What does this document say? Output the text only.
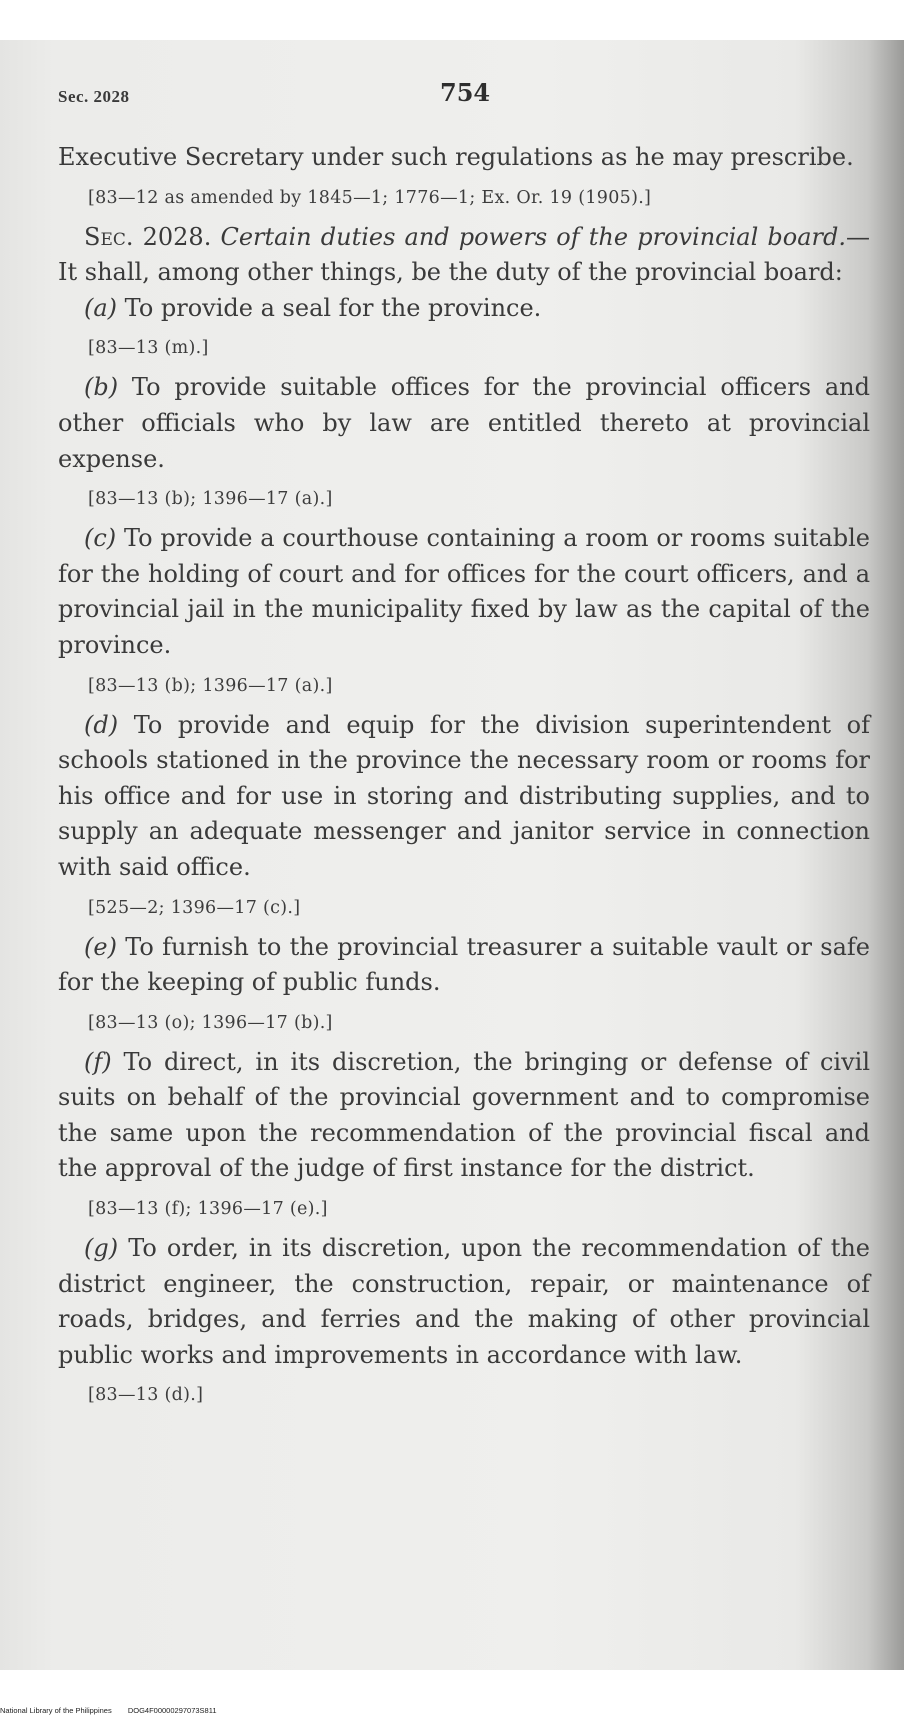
Sec. 2028	754

Executive Secretary under such regulations as he may prescribe.

[83—12 as amended by 1845—1; 1776—1; Ex. Or. 19 (1905).]

Sec. 2028. Certain duties and powers of the provincial board.—It shall, among other things, be the duty of the provincial board:

(a) To provide a seal for the province.

[83—13 (m).]

(b) To provide suitable offices for the provincial officers and other officials who by law are entitled thereto at provincial expense.

[83—13 (b); 1396—17 (a).]

(c) To provide a courthouse containing a room or rooms suitable for the holding of court and for offices for the court officers, and a provincial jail in the municipality fixed by law as the capital of the province.

[83—13 (b); 1396—17 (a).]

(d) To provide and equip for the division superintendent of schools stationed in the province the necessary room or rooms for his office and for use in storing and distributing supplies, and to supply an adequate messenger and janitor service in connection with said office.

[525—2; 1396—17 (c).]

(e) To furnish to the provincial treasurer a suitable vault or safe for the keeping of public funds.

[83—13 (o); 1396—17 (b).]

(f) To direct, in its discretion, the bringing or defense of civil suits on behalf of the provincial government and to compromise the same upon the recommendation of the provincial fiscal and the approval of the judge of first instance for the district.

[83—13 (f); 1396—17 (e).]

(g) To order, in its discretion, upon the recommendation of the district engineer, the construction, repair, or maintenance of roads, bridges, and ferries and the making of other provincial public works and improvements in accordance with law.

[83—13 (d).]

National Library of the Philippines DOG4F00000297073S811
